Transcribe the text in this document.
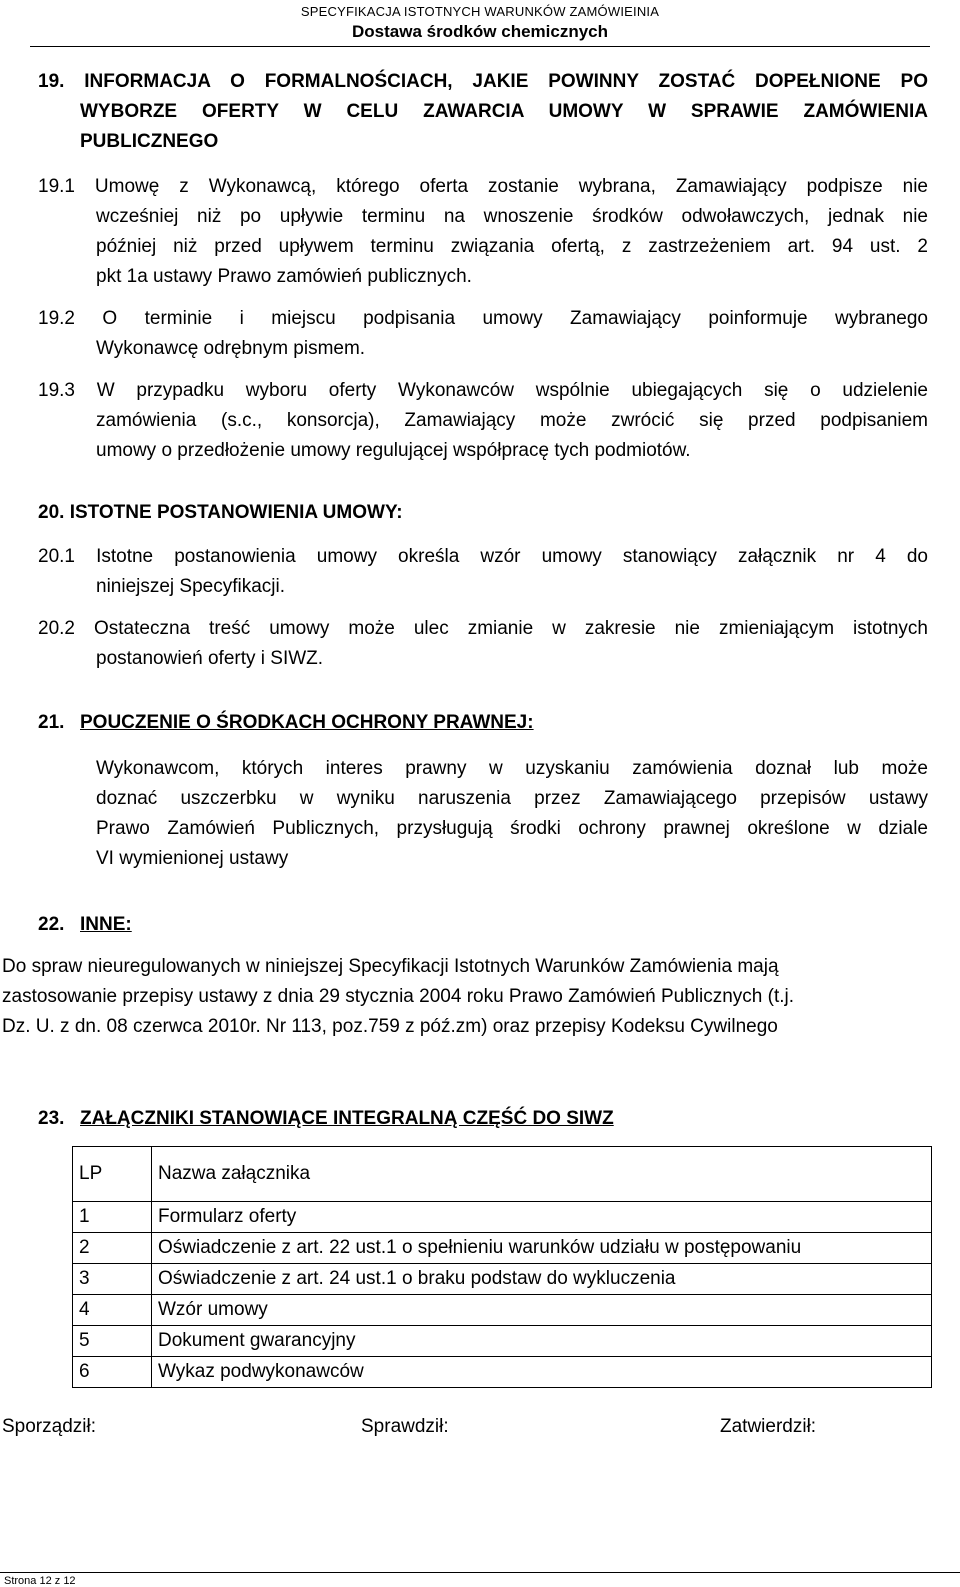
SPECYFIKACJA ISTOTNYCH WARUNKÓW ZAMÓWIEINIA
Dostawa środków chemicznych
19. INFORMACJA O FORMALNOŚCIACH, JAKIE POWINNY ZOSTAĆ DOPEŁNIONE PO
WYBORZE OFERTY W CELU ZAWARCIA UMOWY W SPRAWIE ZAMÓWIENIA
PUBLICZNEGO
19.1 Umowę z Wykonawcą, którego oferta zostanie wybrana, Zamawiający podpisze nie
wcześniej niż po upływie terminu na wnoszenie środków odwoławczych, jednak nie
później niż przed upływem terminu związania ofertą, z zastrzeżeniem art. 94 ust. 2
pkt 1a ustawy Prawo zamówień publicznych.
19.2 O terminie i miejscu podpisania umowy Zamawiający poinformuje wybranego
Wykonawcę odrębnym pismem.
19.3 W przypadku wyboru oferty Wykonawców wspólnie ubiegających się o udzielenie
zamówienia (s.c., konsorcja), Zamawiający może zwrócić się przed podpisaniem
umowy o przedłożenie umowy regulującej współpracę tych podmiotów.
20. ISTOTNE POSTANOWIENIA UMOWY:
20.1 Istotne postanowienia umowy określa wzór umowy stanowiący załącznik nr 4 do
niniejszej Specyfikacji.
20.2 Ostateczna treść umowy może ulec zmianie w zakresie nie zmieniającym istotnych
postanowień oferty i SIWZ.
21. POUCZENIE O ŚRODKACH OCHRONY PRAWNEJ:
Wykonawcom, których interes prawny w uzyskaniu zamówienia doznał lub może
doznać uszczerbku w wyniku naruszenia przez Zamawiającego przepisów ustawy
Prawo Zamówień Publicznych, przysługują środki ochrony prawnej określone w dziale
VI wymienionej ustawy
22. INNE:
Do spraw nieuregulowanych w niniejszej Specyfikacji Istotnych Warunków Zamówienia mają
zastosowanie przepisy ustawy z dnia 29 stycznia 2004 roku Prawo Zamówień Publicznych (t.j.
Dz. U. z dn. 08 czerwca 2010r. Nr 113, poz.759 z póź.zm) oraz przepisy Kodeksu Cywilnego
23. ZAŁĄCZNIKI STANOWIĄCE INTEGRALNĄ CZĘŚĆ DO SIWZ
LP	Nazwa załącznika
1	Formularz oferty
2	Oświadczenie z art. 22 ust.1 o spełnieniu warunków udziału w postępowaniu
3	Oświadczenie z art. 24 ust.1 o braku podstaw do wykluczenia
4	Wzór umowy
5	Dokument gwarancyjny
6	Wykaz podwykonawców
Sporządził:	Sprawdził:	Zatwierdził:
Strona 12 z 12
